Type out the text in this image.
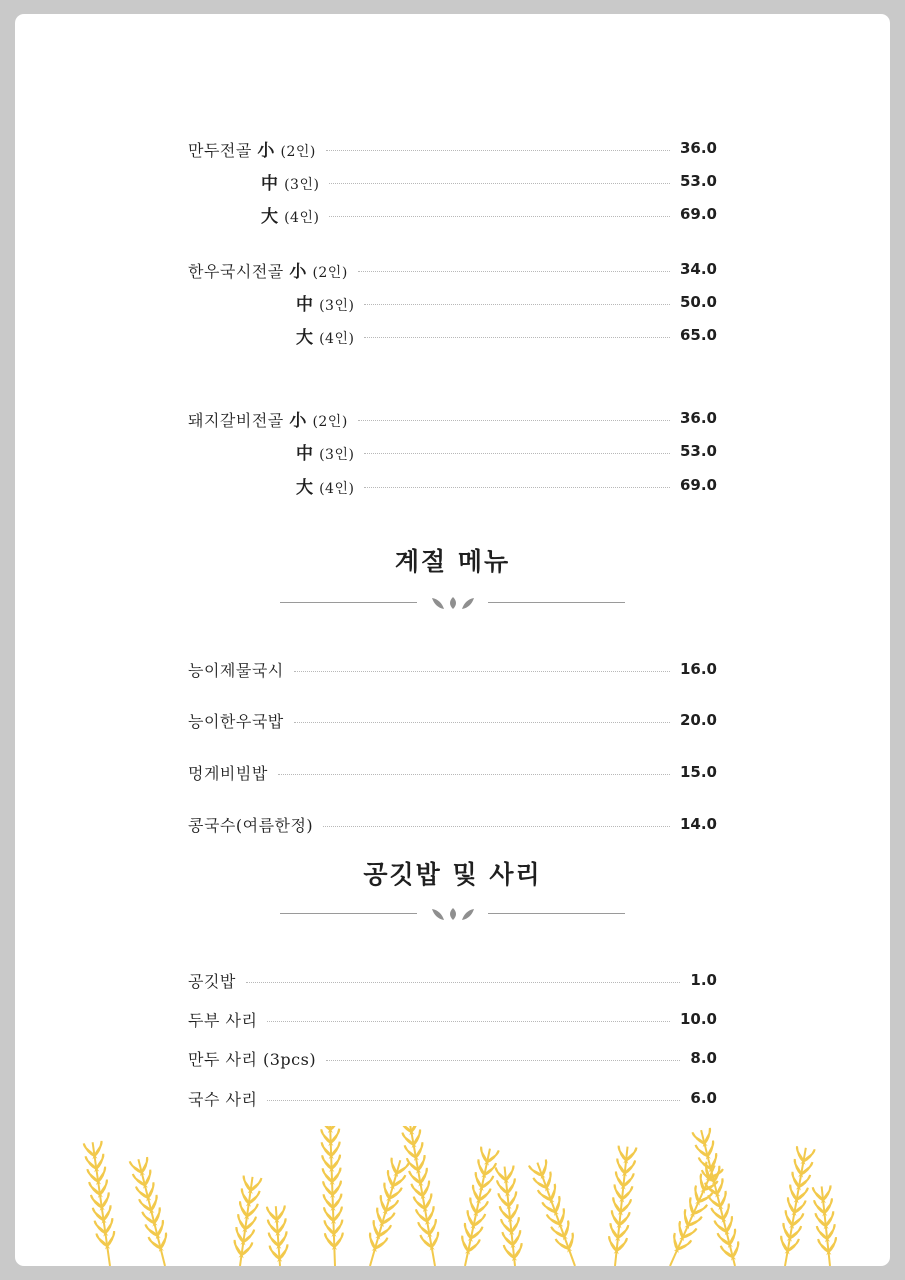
만두전골 小 (2인)	36.0
中 (3인)	53.0
大 (4인)	69.0
한우국시전골 小 (2인)	34.0
中 (3인)	50.0
大 (4인)	65.0
돼지갈비전골 小 (2인)	36.0
中 (3인)	53.0
大 (4인)	69.0
계절 메뉴
능이제물국시	16.0
능이한우국밥	20.0
멍게비빔밥	15.0
콩국수(여름한정)	14.0
공깃밥 및 사리
공깃밥	1.0
두부 사리	10.0
만두 사리 (3pcs)	8.0
국수 사리	6.0
